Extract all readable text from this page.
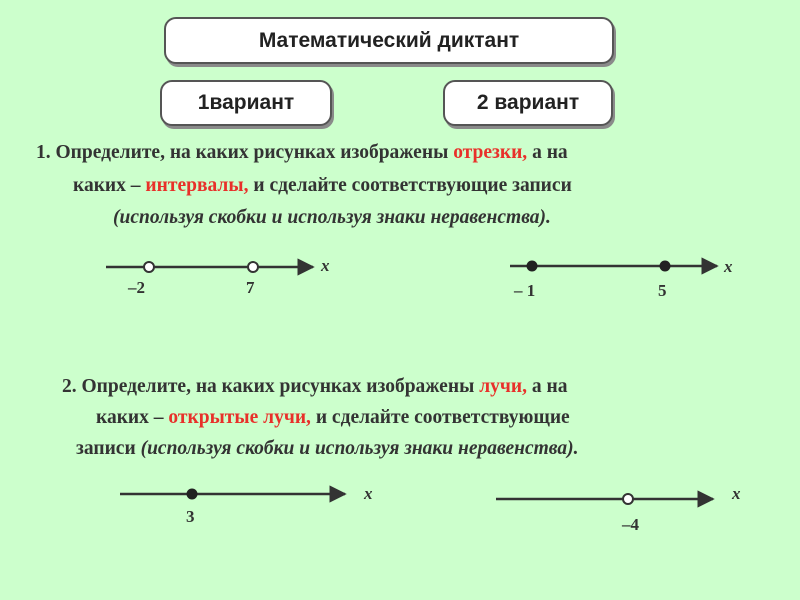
Математический диктант
1вариант	2 вариант
1. Определите, на каких рисунках изображены отрезки, а на
каких – интервалы, и сделайте соответствующие записи
(используя скобки и используя знаки неравенства).
2. Определите, на каких рисунках изображены лучи, а на
каких – открытые лучи, и сделайте соответствующие
записи (используя скобки и используя знаки неравенства).
–2	7
x
– 1	5
x
3
x
–4
x
